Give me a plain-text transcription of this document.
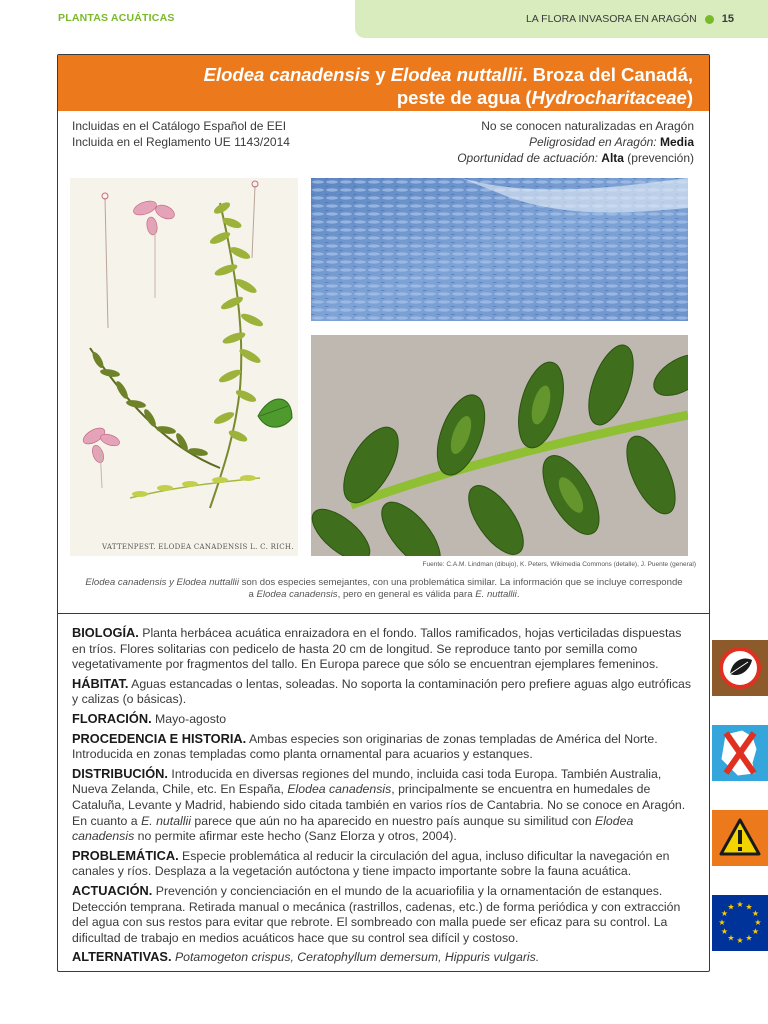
PLANTAS ACUÁTICAS	LA FLORA INVASORA EN ARAGÓN 15
Elodea canadensis y Elodea nuttallii. Broza del Canadá,
peste de agua (Hydrocharitaceae)
Incluidas en el Catálogo Español de EEI
Incluida en el Reglamento UE 1143/2014
No se conocen naturalizadas en Aragón
Peligrosidad en Aragón: Media
Oportunidad de actuación: Alta (prevención)
VATTENPEST. ELODEA CANADENSIS L. C. RICH.
Fuente: C.A.M. Lindman (dibujo), K. Peters, Wikimedia Commons (detalle), J. Puente (general)
Elodea canadensis y Elodea nuttallii son dos especies semejantes, con una problemática similar. La información que se incluye corresponde
a Elodea canadensis, pero en general es válida para E. nuttallii.

BIOLOGÍA. Planta herbácea acuática enraizadora en el fondo. Tallos ramificados, hojas verticiladas dispuestas en tríos. Flores solitarias con pedicelo de hasta 20 cm de longitud. Se reproduce tanto por semilla como vegetativamente por fragmentos del tallo. En Europa parece que sólo se encuentran ejemplares femeninos.

HÁBITAT. Aguas estancadas o lentas, soleadas. No soporta la contaminación pero prefiere aguas algo eutróficas y calizas (o básicas).

FLORACIÓN. Mayo-agosto

PROCEDENCIA E HISTORIA. Ambas especies son originarias de zonas templadas de América del Norte. Introducida en zonas templadas como planta ornamental para acuarios y estanques.

DISTRIBUCIÓN. Introducida en diversas regiones del mundo, incluida casi toda Europa. También Australia, Nueva Zelanda, Chile, etc. En España, Elodea canadensis, principalmente se encuentra en humedales de Cataluña, Levante y Madrid, habiendo sido citada también en varios ríos de Cantabria. No se conoce en Aragón. En cuanto a E. nutallii parece que aún no ha aparecido en nuestro país aunque su similitud con Elodea canadensis no permite afirmar este hecho (Sanz Elorza y otros, 2004).

PROBLEMÁTICA. Especie problemática al reducir la circulación del agua, incluso dificultar la navegación en canales y ríos. Desplaza a la vegetación autóctona y tiene impacto importante sobre la fauna acuática.

ACTUACIÓN. Prevención y concienciación en el mundo de la acuariofilia y la ornamentación de estanques. Detección temprana. Retirada manual o mecánica (rastrillos, cadenas, etc.) de forma periódica y con extracción del agua con sus restos para evitar que rebrote. El sombreado con malla puede ser eficaz para su control. La dificultad de trabajo en medios acuáticos hace que su control sea difícil y costoso.

ALTERNATIVAS. Potamogeton crispus, Ceratophyllum demersum, Hippuris vulgaris.

★ ★
★
★
★
★
★
★
★
★
★
★
